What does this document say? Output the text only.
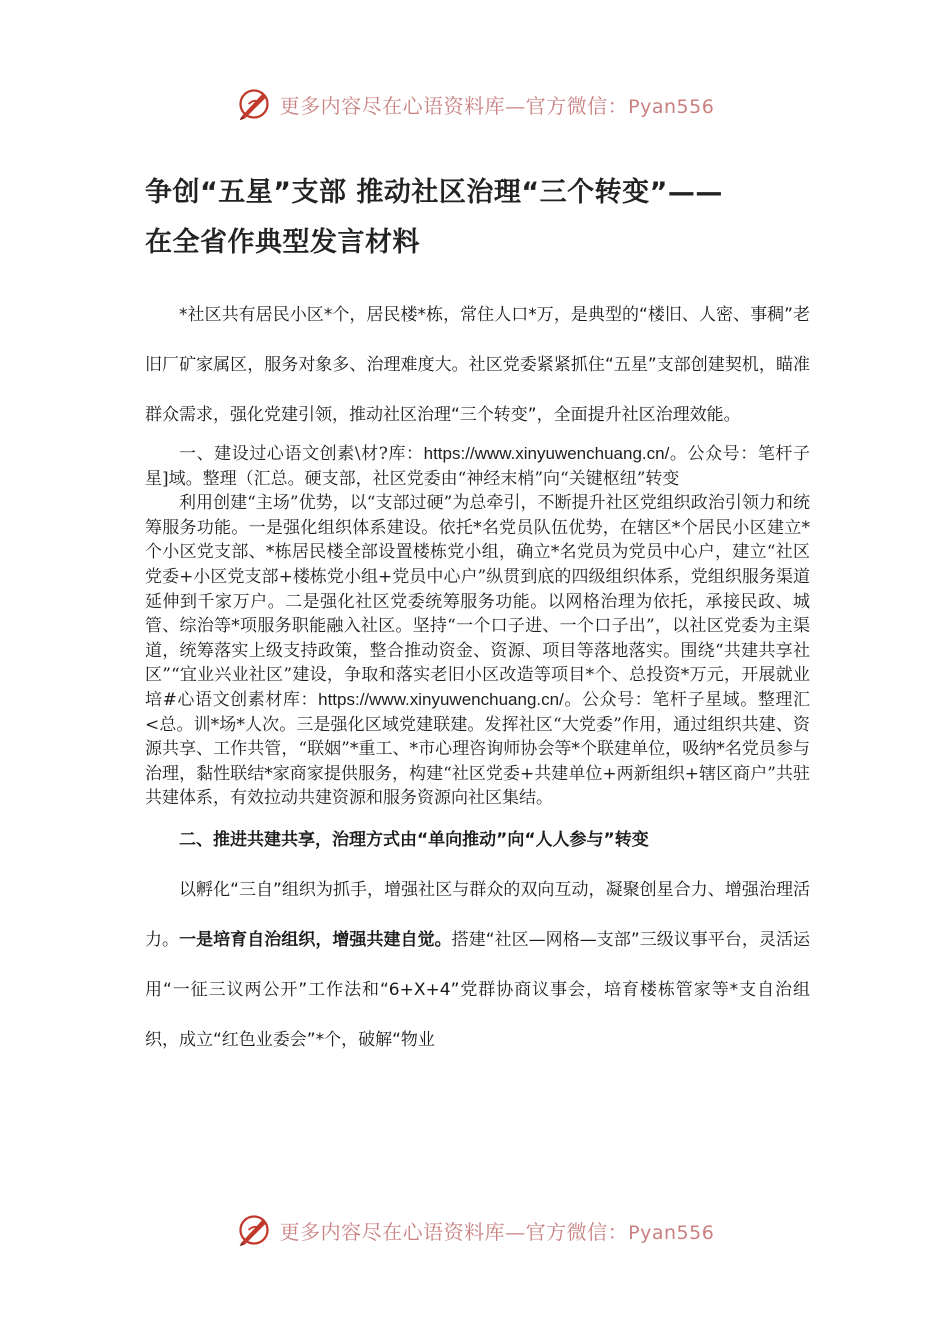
更多内容尽在心语资料库—官方微信：Pyan556
争创“五星”支部 推动社区治理“三个转变”——
在全省作典型发言材料

*社区共有居民小区*个，居民楼*栋，常住人口*万，是典型的“楼旧、人密、事稠”老旧厂矿家属区，服务对象多、治理难度大。社区党委紧紧抓住“五星”支部创建契机，瞄准群众需求，强化党建引领，推动社区治理“三个转变”，全面提升社区治理效能。

一、建设过心语文创素\材?库：https://www.xinyuwenchuang.cn/。公众号：笔杆子星]域。整理（汇总。硬支部，社区党委由“神经末梢”向“关键枢纽”转变

利用创建“主场”优势，以“支部过硬”为总牵引，不断提升社区党组织政治引领力和统筹服务功能。一是强化组织体系建设。依托*名党员队伍优势，在辖区*个居民小区建立*个小区党支部、*栋居民楼全部设置楼栋党小组，确立*名党员为党员中心户，建立“社区党委+小区党支部+楼栋党小组+党员中心户”纵贯到底的四级组织体系，党组织服务渠道延伸到千家万户。二是强化社区党委统筹服务功能。以网格治理为依托，承接民政、城管、综治等*项服务职能融入社区。坚持“一个口子进、一个口子出”，以社区党委为主渠道，统筹落实上级支持政策，整合推动资金、资源、项目等落地落实。围绕“共建共享社区”“宜业兴业社区”建设，争取和落实老旧小区改造等项目*个、总投资*万元，开展就业培#心语文创素材库：https://www.xinyuwenchuang.cn/。公众号：笔杆子星域。整理汇<总。训*场*人次。三是强化区域党建联建。发挥社区“大党委”作用，通过组织共建、资源共享、工作共管，“联姻”*重工、*市心理咨询师协会等*个联建单位，吸纳*名党员参与治理，黏性联结*家商家提供服务，构建“社区党委+共建单位+两新组织+辖区商户”共驻共建体系，有效拉动共建资源和服务资源向社区集结。

二、推进共建共享，治理方式由“单向推动”向“人人参与”转变

以孵化“三自”组织为抓手，增强社区与群众的双向互动，凝聚创星合力、增强治理活力。一是培育自治组织，增强共建自觉。搭建“社区—网格—支部”三级议事平台，灵活运用“一征三议两公开”工作法和“6+X+4”党群协商议事会，培育楼栋管家等*支自治组织，成立“红色业委会”*个，破解“物业

更多内容尽在心语资料库—官方微信：Pyan556
